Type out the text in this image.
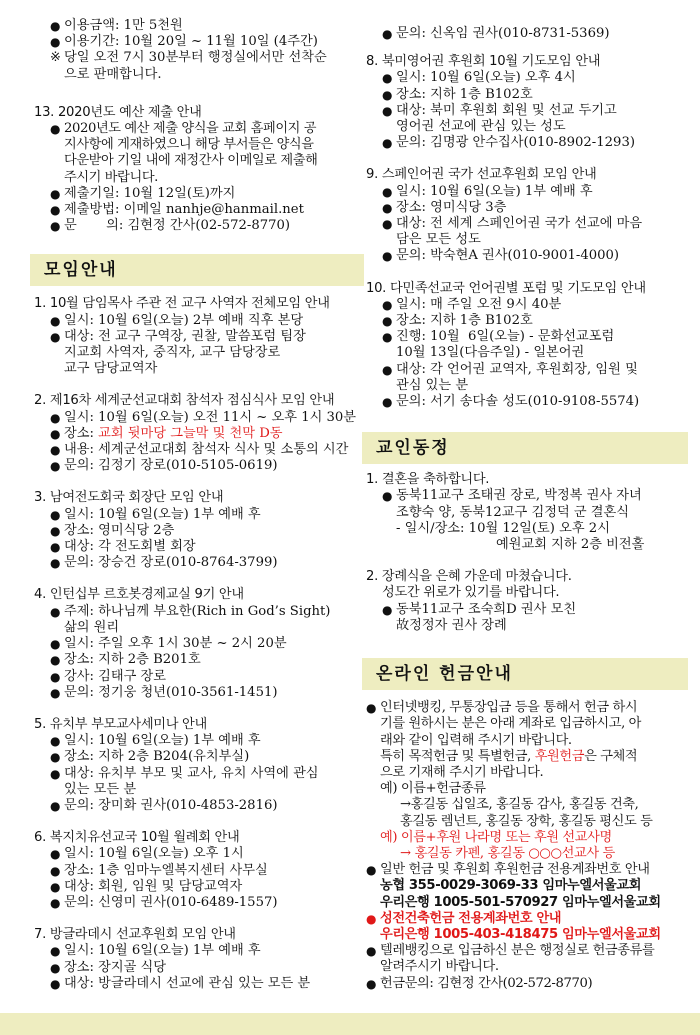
● 이용금액: 1만 5천원
● 이용기간: 10월 20일 ~ 11월 10일 (4주간)
※ 당일 오전 7시 30분부터 행정실에서만 선착순
으로 판매합니다.
13. 2020년도 예산 제출 안내
● 2020년도 예산 제출 양식을 교회 홈페이지 공
지사항에 게재하였으니 해당 부서들은 양식을
다운받아 기일 내에 재정간사 이메일로 제출해
주시기 바랍니다.
● 제출기일: 10월 12일(토)까지
● 제출방법: 이메일 nanhje@hanmail.net
● 문       의: 김현정 간사(02-572-8770)
모임안내
1. 10월 담임목사 주관 전 교구 사역자 전체모임 안내
● 일시: 10월 6일(오늘) 2부 예배 직후 본당
● 대상: 전 교구 구역장, 권찰, 말씀포럼 팀장
지교회 사역자, 중직자, 교구 담당장로
교구 담당교역자
2. 제16차 세계군선교대회 참석자 점심식사 모임 안내
● 일시: 10월 6일(오늘) 오전 11시 ~ 오후 1시 30분
● 장소: 교회 뒷마당 그늘막 및 천막 D동
● 내용: 세계군선교대회 참석자 식사 및 소통의 시간
● 문의: 김정기 장로(010-5105-0619)
3. 남여전도회국 회장단 모임 안내
● 일시: 10월 6일(오늘) 1부 예배 후
● 장소: 영미식당 2층
● 대상: 각 전도회별 회장
● 문의: 장승건 장로(010-8764-3799)
4. 인턴십부 르호봇경제교실 9기 안내
● 주제: 하나님께 부요한(Rich in God’s Sight)
삶의 원리
● 일시: 주일 오후 1시 30분 ~ 2시 20분
● 장소: 지하 2층 B201호
● 강사: 김태구 장로
● 문의: 정기웅 청년(010-3561-1451)
5. 유치부 부모교사세미나 안내
● 일시: 10월 6일(오늘) 1부 예배 후
● 장소: 지하 2층 B204(유치부실)
● 대상: 유치부 부모 및 교사, 유치 사역에 관심
있는 모든 분
● 문의: 장미화 권사(010-4853-2816)
6. 복지치유선교국 10월 월례회 안내
● 일시: 10월 6일(오늘) 오후 1시
● 장소: 1층 임마누엘복지센터 사무실
● 대상: 회원, 임원 및 담당교역자
● 문의: 신영미 권사(010-6489-1557)
7. 방글라데시 선교후원회 모임 안내
● 일시: 10월 6일(오늘) 1부 예배 후
● 장소: 장지골 식당
● 대상: 방글라데시 선교에 관심 있는 모든 분
● 문의: 신옥임 권사(010-8731-5369)
8. 북미영어권 후원회 10월 기도모임 안내
● 일시: 10월 6일(오늘) 오후 4시
● 장소: 지하 1층 B102호
● 대상: 북미 후원회 회원 및 선교 두기고
영어권 선교에 관심 있는 성도
● 문의: 김명광 안수집사(010-8902-1293)
9. 스페인어권 국가 선교후원회 모임 안내
● 일시: 10월 6일(오늘) 1부 예배 후
● 장소: 영미식당 3층
● 대상: 전 세계 스페인어권 국가 선교에 마음
담은 모든 성도
● 문의: 박숙현A 권사(010-9001-4000)
10. 다민족선교국 언어권별 포럼 및 기도모임 안내
● 일시: 매 주일 오전 9시 40분
● 장소: 지하 1층 B102호
● 진행: 10월  6일(오늘) - 문화선교포럼
10월 13일(다음주일) - 일본어권
● 대상: 각 언어권 교역자, 후원회장, 임원 및
관심 있는 분
● 문의: 서기 송다솔 성도(010-9108-5574)
교인동정
1. 결혼을 축하합니다.
● 동북11교구 조태권 장로, 박정복 권사 자녀
조향숙 양, 동북12교구 김정덕 군 결혼식
- 일시/장소: 10월 12일(토) 오후 2시
예원교회 지하 2층 비전홀
2. 장례식을 은혜 가운데 마쳤습니다.
성도간 위로가 있기를 바랍니다.
● 동북11교구 조숙희D 권사 모친
故정정자 권사 장례
온라인 헌금안내
● 인터넷뱅킹, 무통장입금 등을 통해서 헌금 하시
기를 원하시는 분은 아래 계좌로 입금하시고, 아
래와 같이 입력해 주시기 바랍니다.
특히 목적헌금 및 특별헌금, 후원헌금은 구체적
으로 기재해 주시기 바랍니다.
예) 이름+헌금종류
→홍길동 십일조, 홍길동 감사, 홍길동 건축,
홍길동 렘넌트, 홍길동 장학, 홍길동 평신도 등
예) 이름+후원 나라명 또는 후원 선교사명
→ 홍길동 카펜, 홍길동 ○○○선교사 등
● 일반 헌금 및 후원회 후원헌금 전용계좌번호 안내
농협 355-0029-3069-33 임마누엘서울교회
우리은행 1005-501-570927 임마누엘서울교회
● 성전건축헌금 전용계좌번호 안내
우리은행 1005-403-418475 임마누엘서울교회
● 텔레뱅킹으로 입금하신 분은 행정실로 헌금종류를
알려주시기 바랍니다.
● 헌금문의: 김현정 간사(02-572-8770)
